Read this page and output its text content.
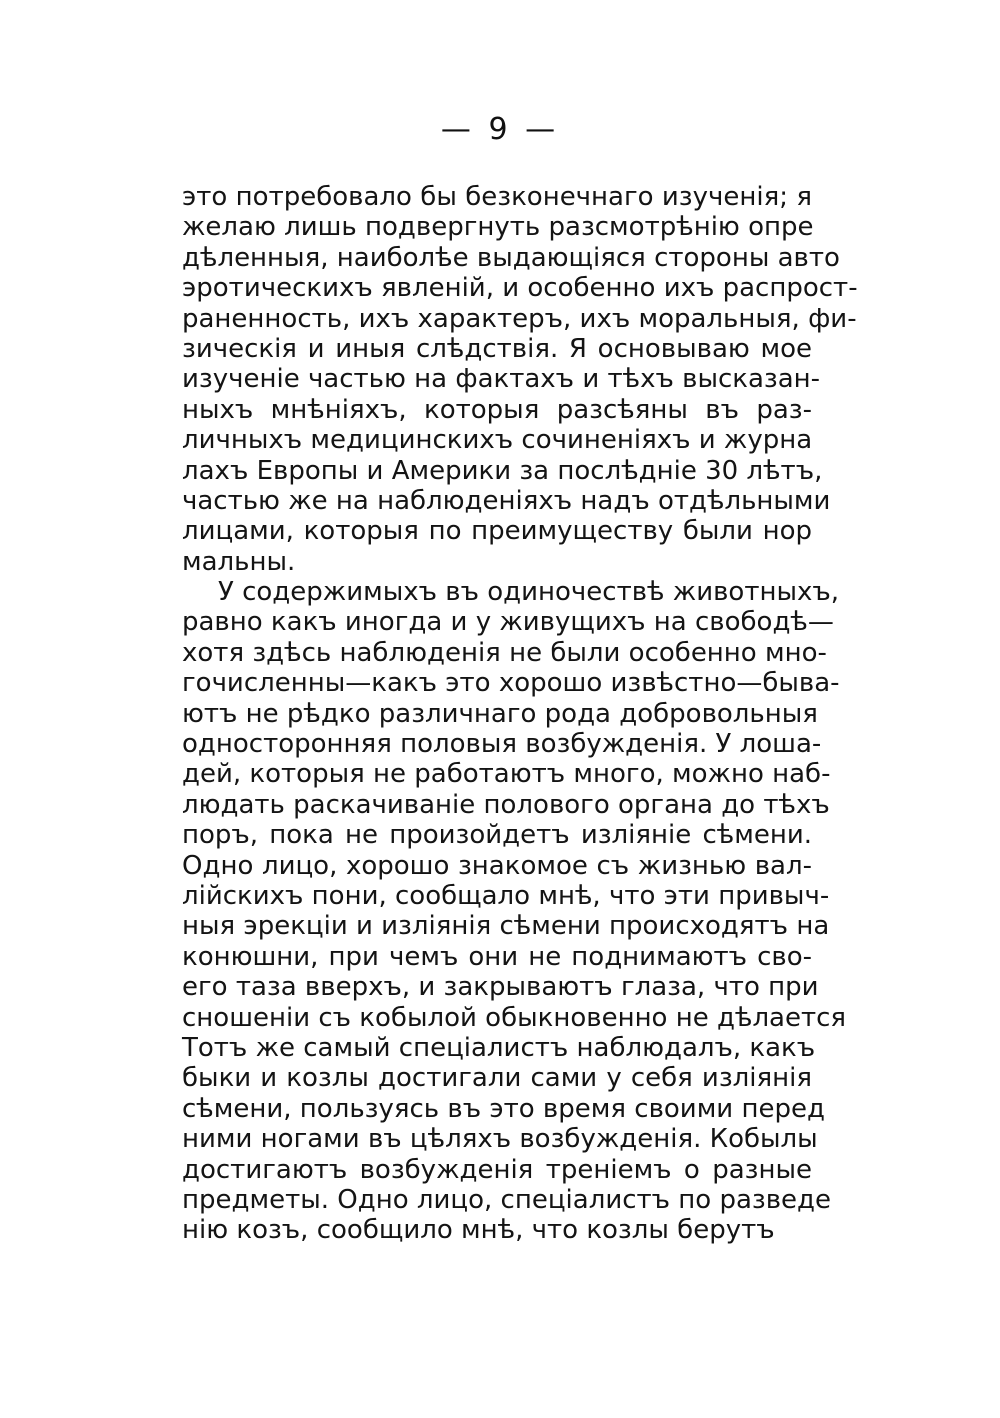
— 9 —
это потребовало бы безконечнаго изученія; я
желаю лишь подвергнуть разсмотрѣнію опре
дѣленныя, наиболѣе выдающіяся стороны авто
эротическихъ явленій, и особенно ихъ распрост-
раненность, ихъ характеръ, ихъ моральныя, фи-
зическія и иныя слѣдствія. Я основываю мое
изученіе частью на фактахъ и тѣхъ высказан-
ныхъ мнѣніяхъ, которыя разсѣяны въ раз-
личныхъ медицинскихъ сочиненіяхъ и журна
лахъ Европы и Америки за послѣдніе 30 лѣтъ,
частью же на наблюденіяхъ надъ отдѣльными
лицами, которыя по преимуществу были нор
мальны.
У содержимыхъ въ одиночествѣ животныхъ,
равно какъ иногда и у живущихъ на свободѣ—
хотя здѣсь наблюденія не были особенно мно-
гочисленны—какъ это хорошо извѣстно—быва-
ютъ не рѣдко различнаго рода добровольныя
односторонняя половыя возбужденія. У лоша-
дей, которыя не работаютъ много, можно наб-
людать раскачиваніе полового органа до тѣхъ
поръ, пока не произойдетъ изліяніе сѣмени.
Одно лицо, хорошо знакомое съ жизнью вал-
лійскихъ пони, сообщало мнѣ, что эти привыч-
ныя эрекціи и изліянія сѣмени происходятъ на
конюшни, при чемъ они не поднимаютъ сво-
его таза вверхъ, и закрываютъ глаза, что при
сношеніи съ кобылой обыкновенно не дѣлается
Тотъ же самый спеціалистъ наблюдалъ, какъ
быки и козлы достигали сами у себя изліянія
сѣмени, пользуясь въ это время своими перед
ними ногами въ цѣляхъ возбужденія. Кобылы
достигаютъ возбужденія треніемъ о разные
предметы. Одно лицо, спеціалистъ по разведе
нію козъ, сообщило мнѣ, что козлы берутъ
